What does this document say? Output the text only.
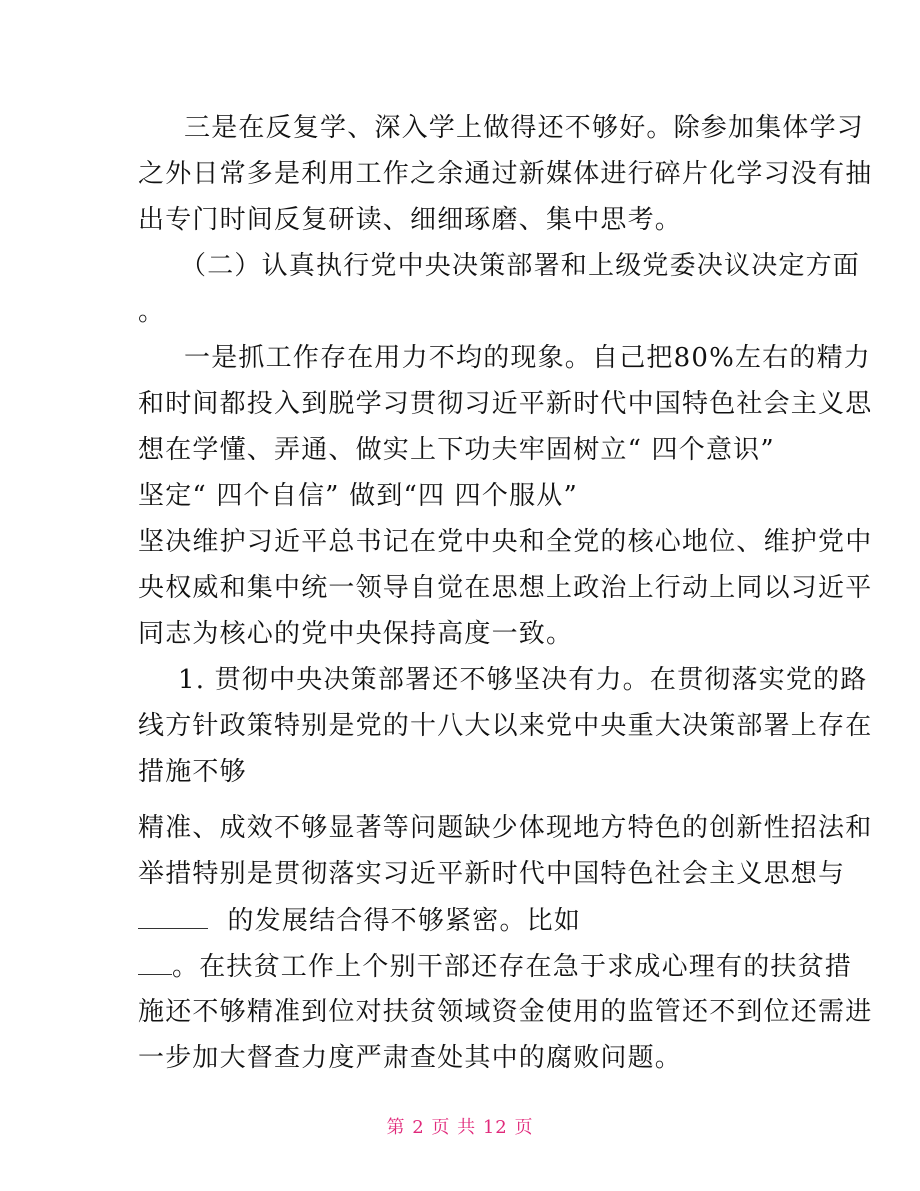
三是在反复学、深入学上做得还不够好。除参加集体学习
之外日常多是利用工作之余通过新媒体进行碎片化学习没有抽
出专门时间反复研读、细细琢磨、集中思考。
（二）认真执行党中央决策部署和上级党委决议决定方面
。
一是抓工作存在用力不均的现象。自己把80%左右的精力
和时间都投入到脱学习贯彻习近平新时代中国特色社会主义思
想在学懂、弄通、做实上下功夫牢固树立“ 四个意识”
坚定“ 四个自信” 做到“四 四个服从”
坚决维护习近平总书记在党中央和全党的核心地位、维护党中
央权威和集中统一领导自觉在思想上政治上行动上同以习近平
同志为核心的党中央保持高度一致。
1. 贯彻中央决策部署还不够坚决有力。在贯彻落实党的路
线方针政策特别是党的十八大以来党中央重大决策部署上存在
措施不够
精准、成效不够显著等问题缺少体现地方特色的创新性招法和
举措特别是贯彻落实习近平新时代中国特色社会主义思想与
的发展结合得不够紧密。比如
。在扶贫工作上个别干部还存在急于求成心理有的扶贫措
施还不够精准到位对扶贫领域资金使用的监管还不到位还需进
一步加大督查力度严肃查处其中的腐败问题。
第 2 页 共 12 页
